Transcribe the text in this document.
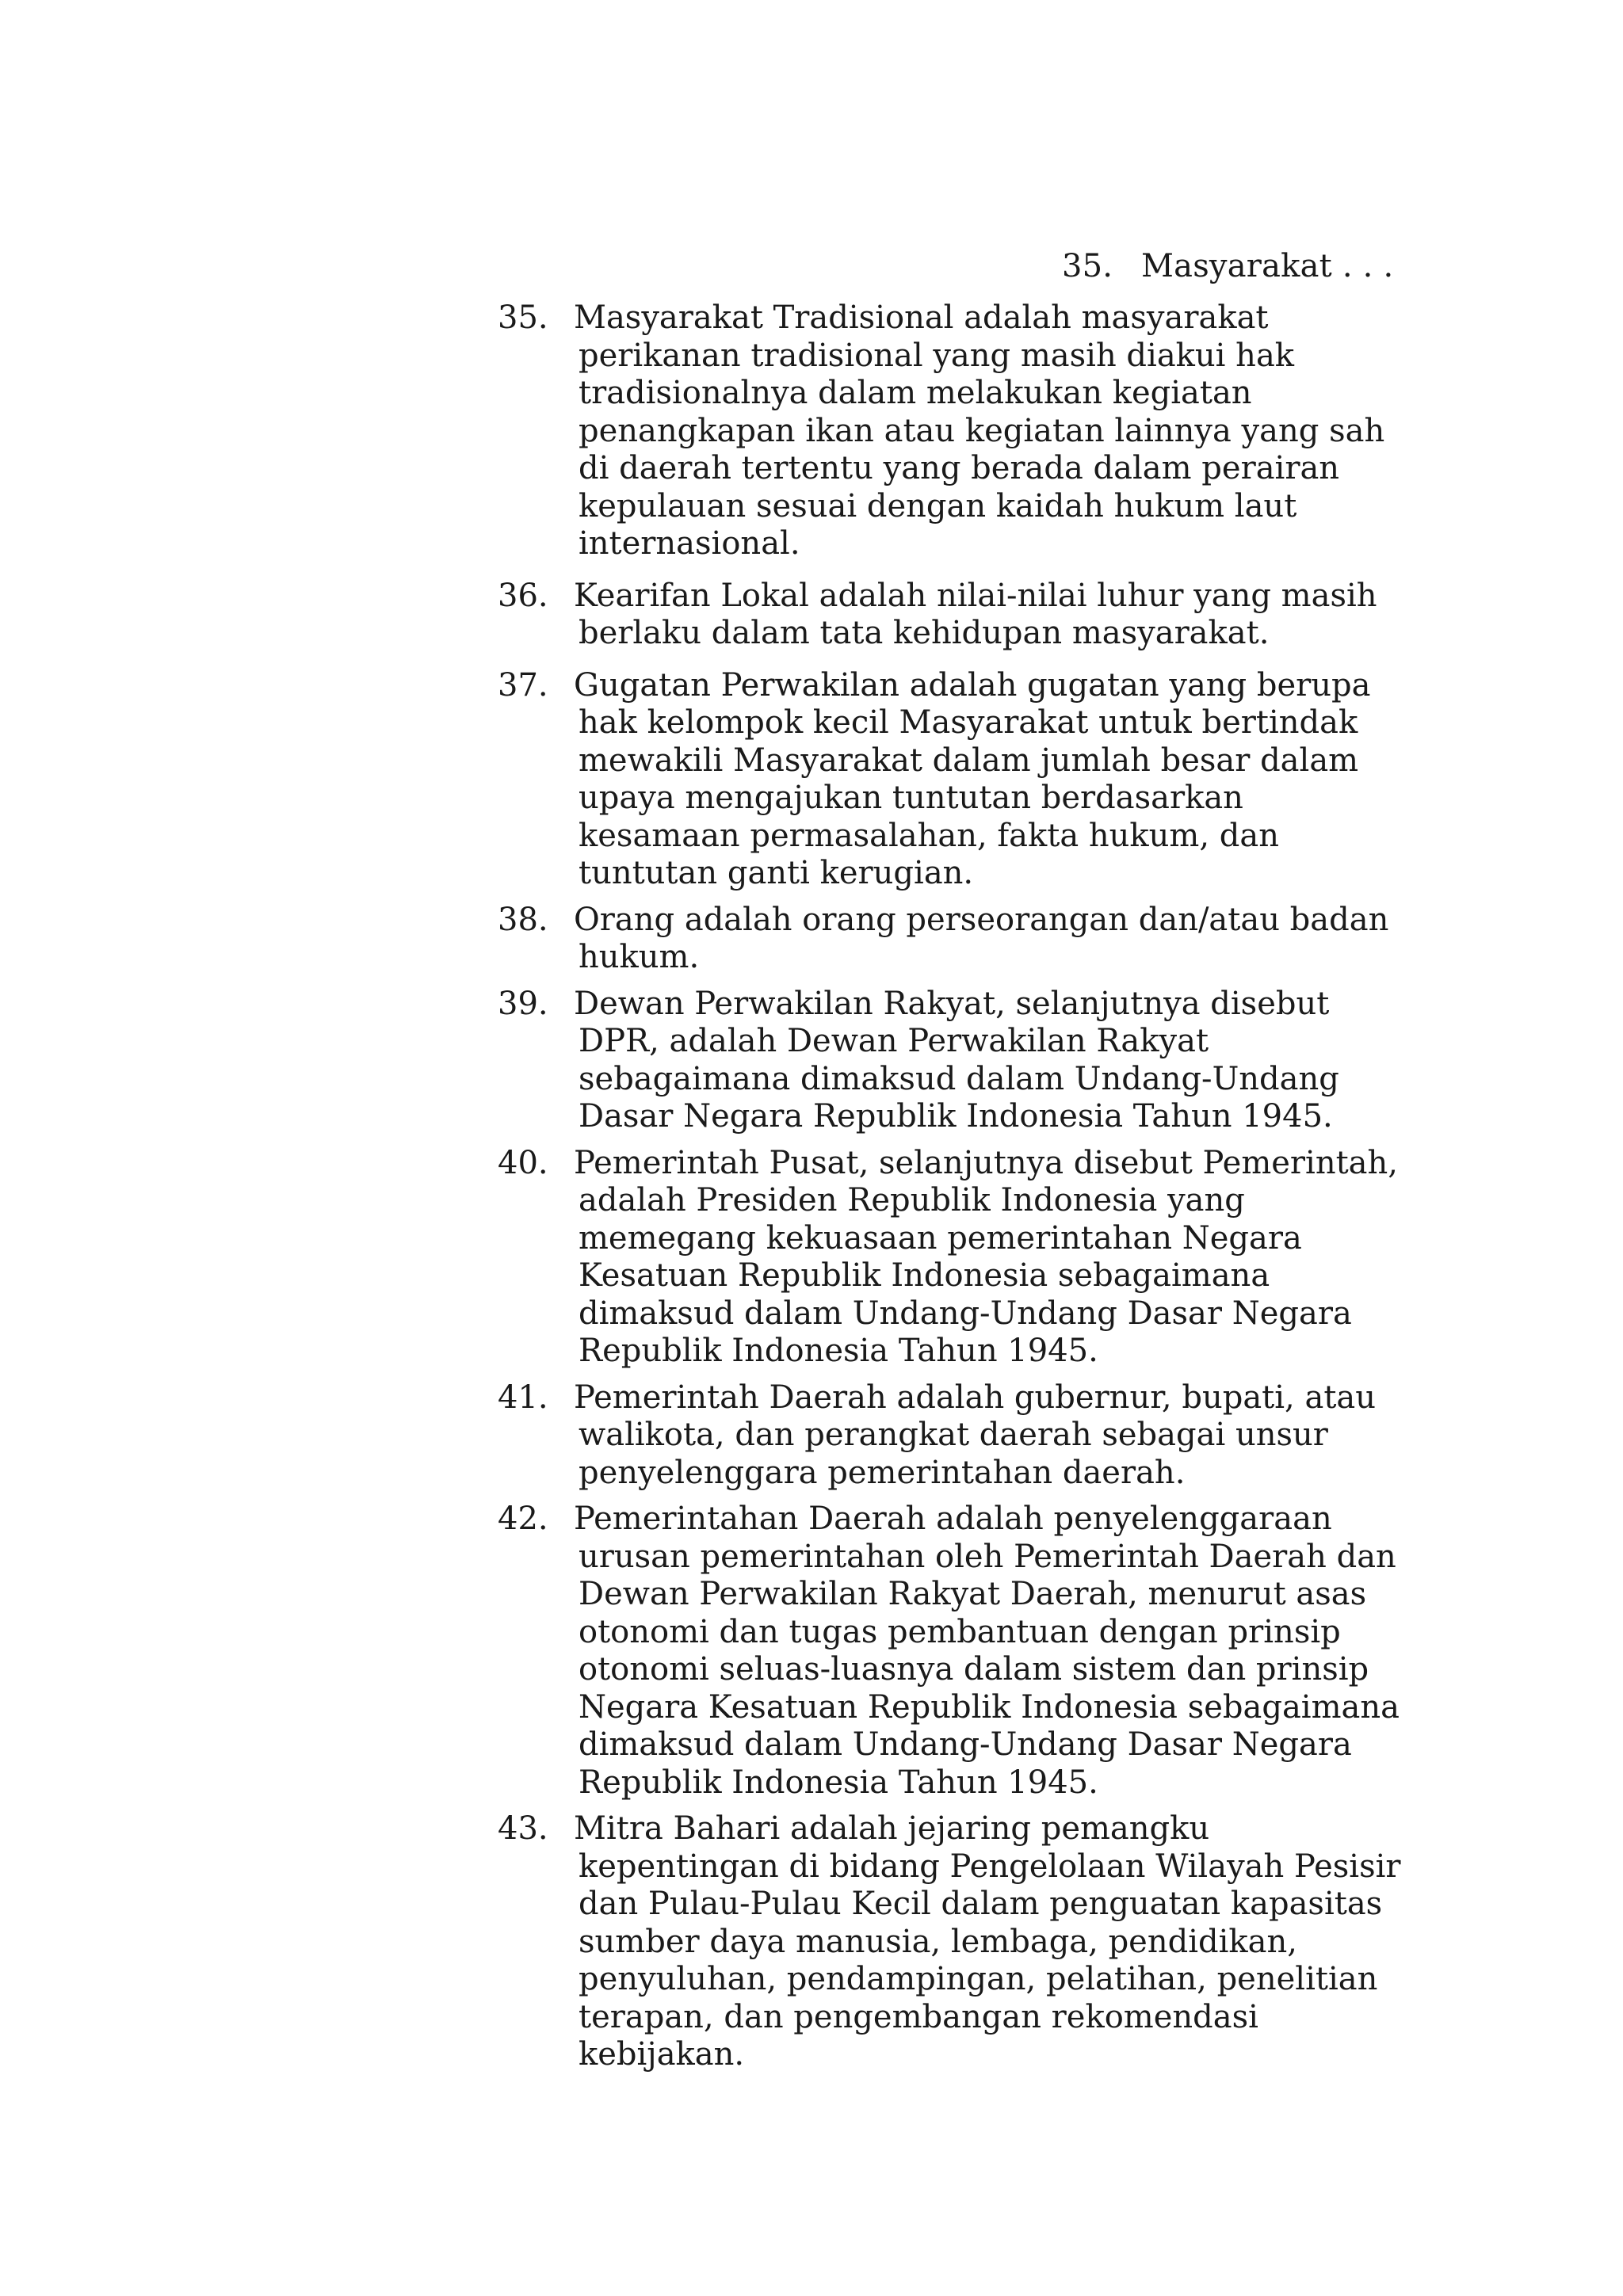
35. Masyarakat . . .
35. Masyarakat Tradisional adalah masyarakat perikanan tradisional yang masih diakui hak tradisionalnya dalam melakukan kegiatan penangkapan ikan atau kegiatan lainnya yang sah di daerah tertentu yang berada dalam perairan kepulauan sesuai dengan kaidah hukum laut internasional.
36. Kearifan Lokal adalah nilai-nilai luhur yang masih berlaku dalam tata kehidupan masyarakat.
37. Gugatan Perwakilan adalah gugatan yang berupa hak kelompok kecil Masyarakat untuk bertindak mewakili Masyarakat dalam jumlah besar dalam upaya mengajukan tuntutan berdasarkan kesamaan permasalahan, fakta hukum, dan tuntutan ganti kerugian.
38. Orang adalah orang perseorangan dan/atau badan hukum.
39. Dewan Perwakilan Rakyat, selanjutnya disebut DPR, adalah Dewan Perwakilan Rakyat sebagaimana dimaksud dalam Undang-Undang Dasar Negara Republik Indonesia Tahun 1945.
40. Pemerintah Pusat, selanjutnya disebut Pemerintah, adalah Presiden Republik Indonesia yang memegang kekuasaan pemerintahan Negara Kesatuan Republik Indonesia sebagaimana dimaksud dalam Undang-Undang Dasar Negara Republik Indonesia Tahun 1945.
41. Pemerintah Daerah adalah gubernur, bupati, atau walikota, dan perangkat daerah sebagai unsur penyelenggara pemerintahan daerah.
42. Pemerintahan Daerah adalah penyelenggaraan urusan pemerintahan oleh Pemerintah Daerah dan Dewan Perwakilan Rakyat Daerah, menurut asas otonomi dan tugas pembantuan dengan prinsip otonomi seluas-luasnya dalam sistem dan prinsip Negara Kesatuan Republik Indonesia sebagaimana dimaksud dalam Undang-Undang Dasar Negara Republik Indonesia Tahun 1945.
43. Mitra Bahari adalah jejaring pemangku kepentingan di bidang Pengelolaan Wilayah Pesisir dan Pulau-Pulau Kecil dalam penguatan kapasitas sumber daya manusia, lembaga, pendidikan, penyuluhan, pendampingan, pelatihan, penelitian terapan, dan pengembangan rekomendasi kebijakan.
